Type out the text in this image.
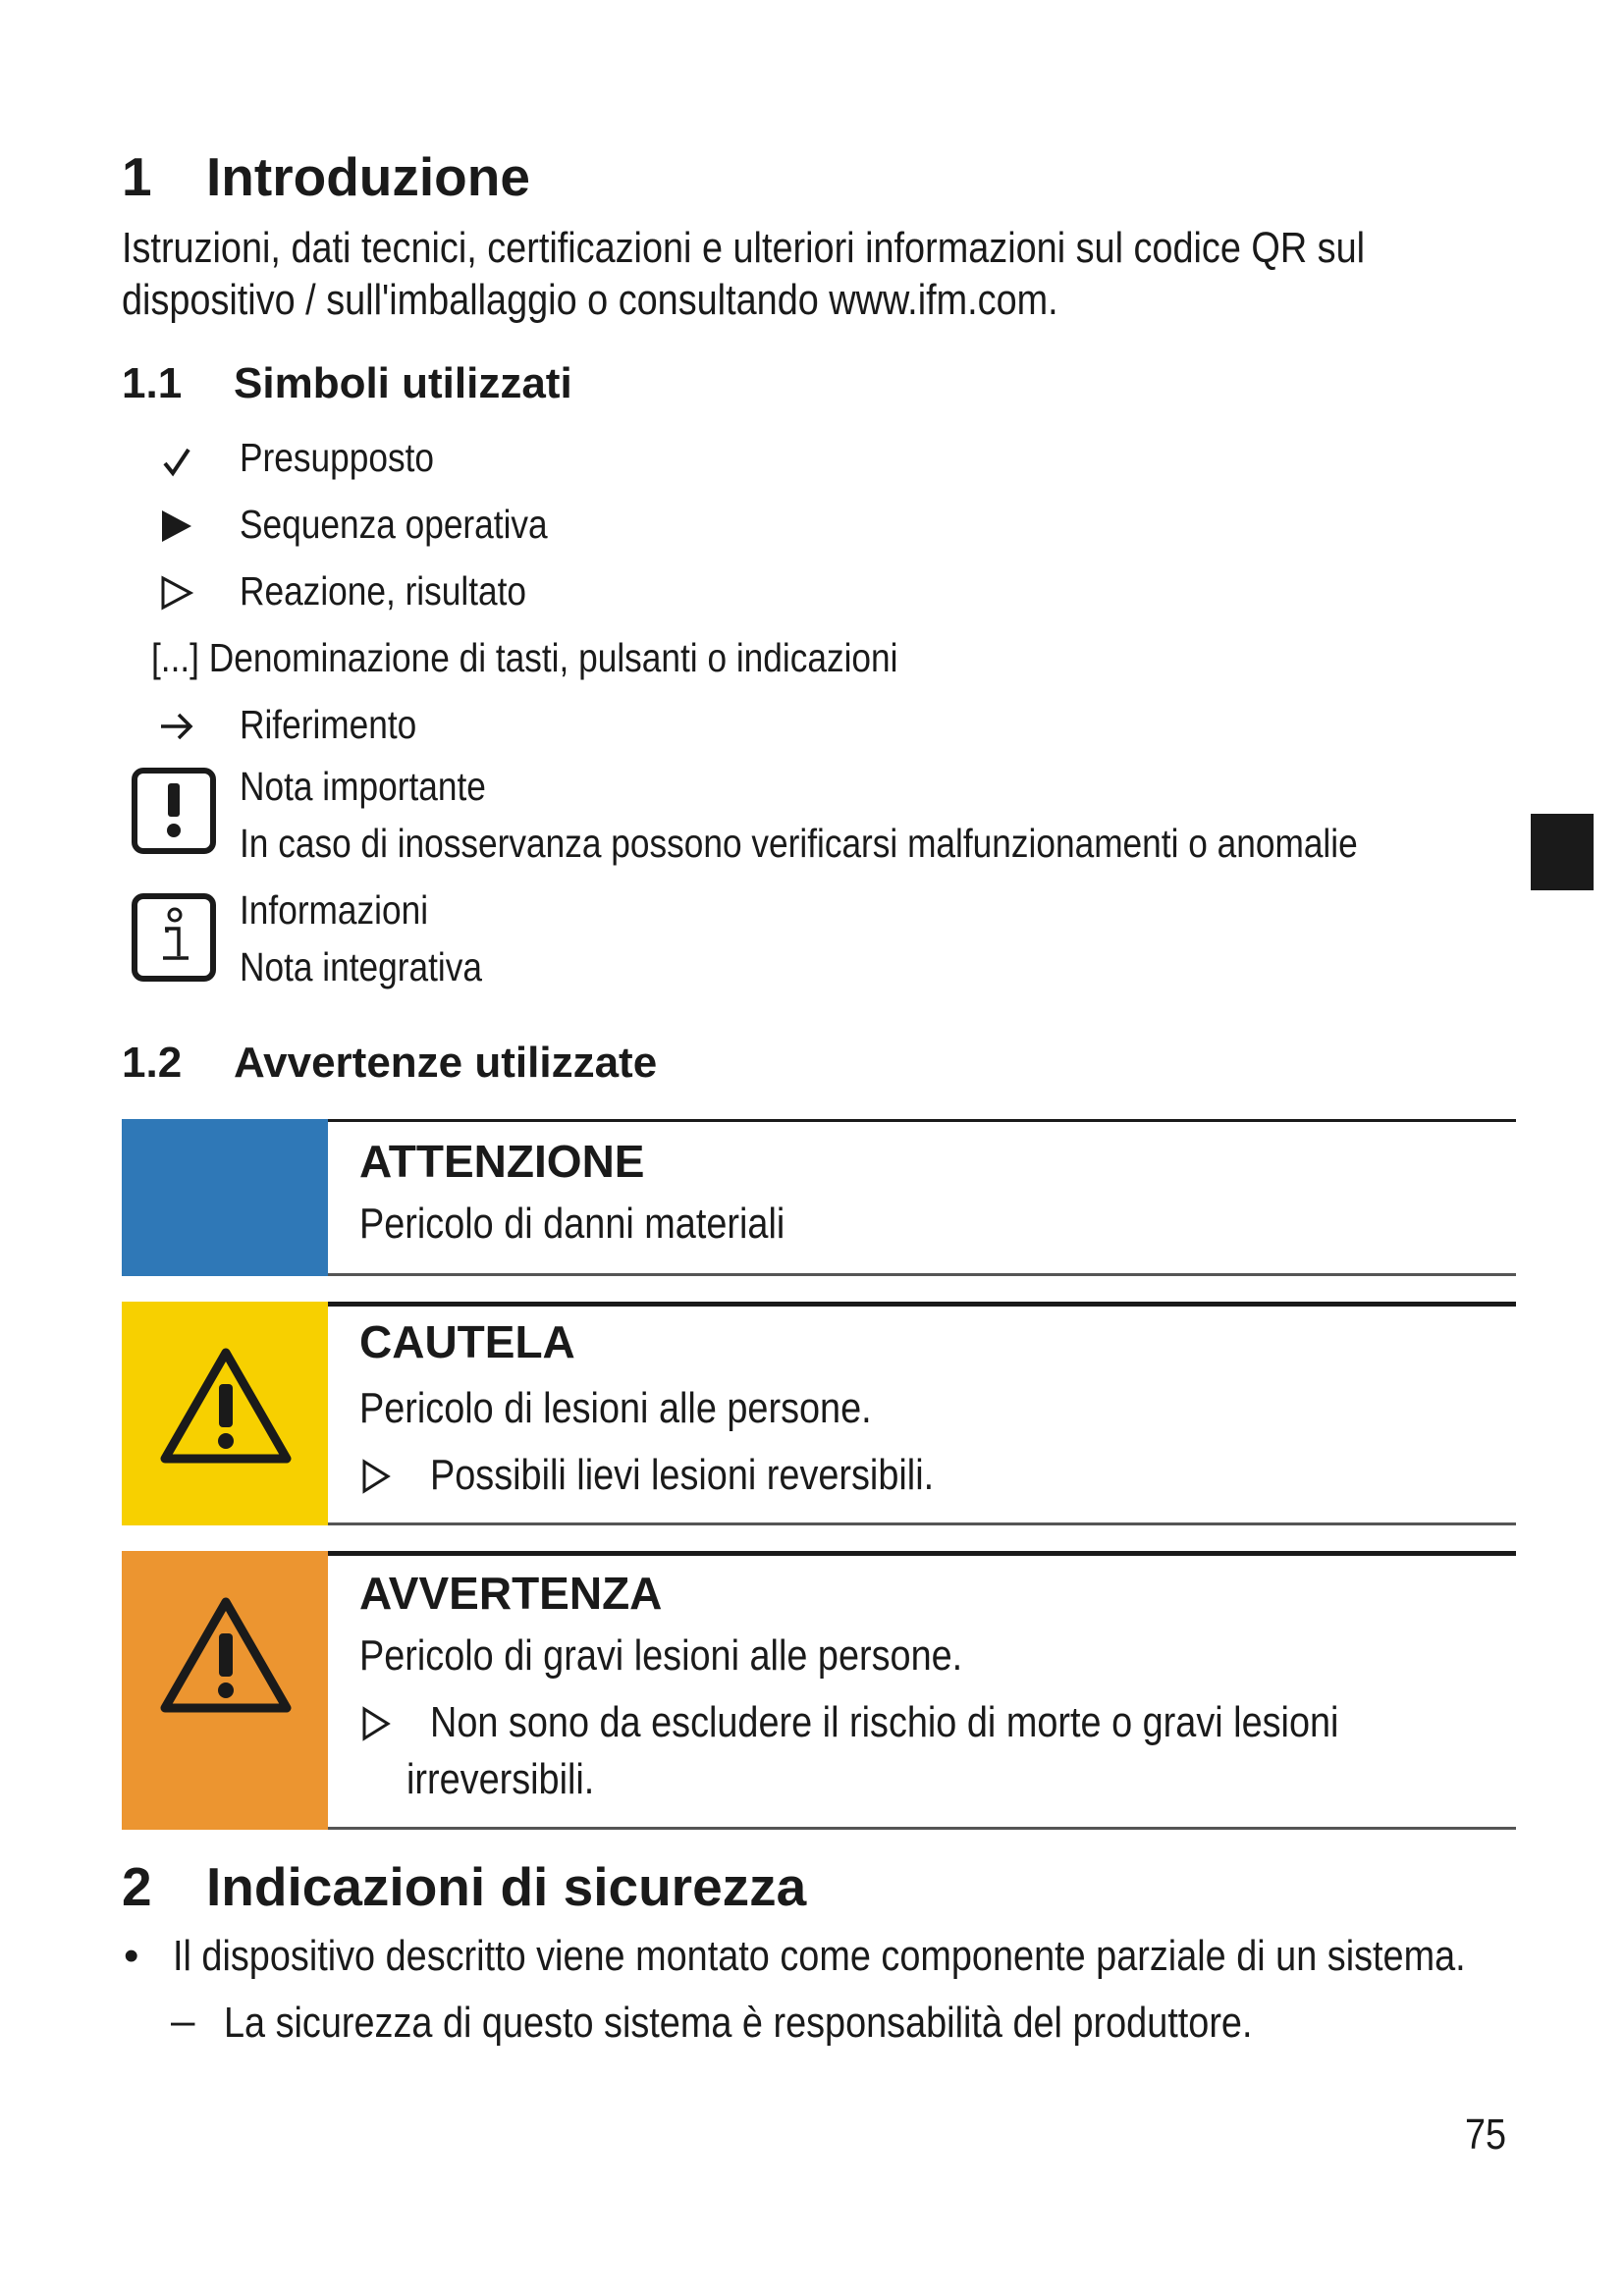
1 Introduzione
Istruzioni, dati tecnici, certificazioni e ulteriori informazioni sul codice QR sul
dispositivo / sull'imballaggio o consultando www.ifm.com.
1.1 Simboli utilizzati
Presupposto
Sequenza operativa
Reazione, risultato
[...] Denominazione di tasti, pulsanti o indicazioni
Riferimento
Nota importante
In caso di inosservanza possono verificarsi malfunzionamenti o anomalie
Informazioni
Nota integrativa
1.2 Avvertenze utilizzate
ATTENZIONE
Pericolo di danni materiali
CAUTELA
Pericolo di lesioni alle persone.
Possibili lievi lesioni reversibili.
AVVERTENZA
Pericolo di gravi lesioni alle persone.
Non sono da escludere il rischio di morte o gravi lesioni
irreversibili.
2 Indicazioni di sicurezza
• Il dispositivo descritto viene montato come componente parziale di un sistema.
– La sicurezza di questo sistema è responsabilità del produttore.
75
